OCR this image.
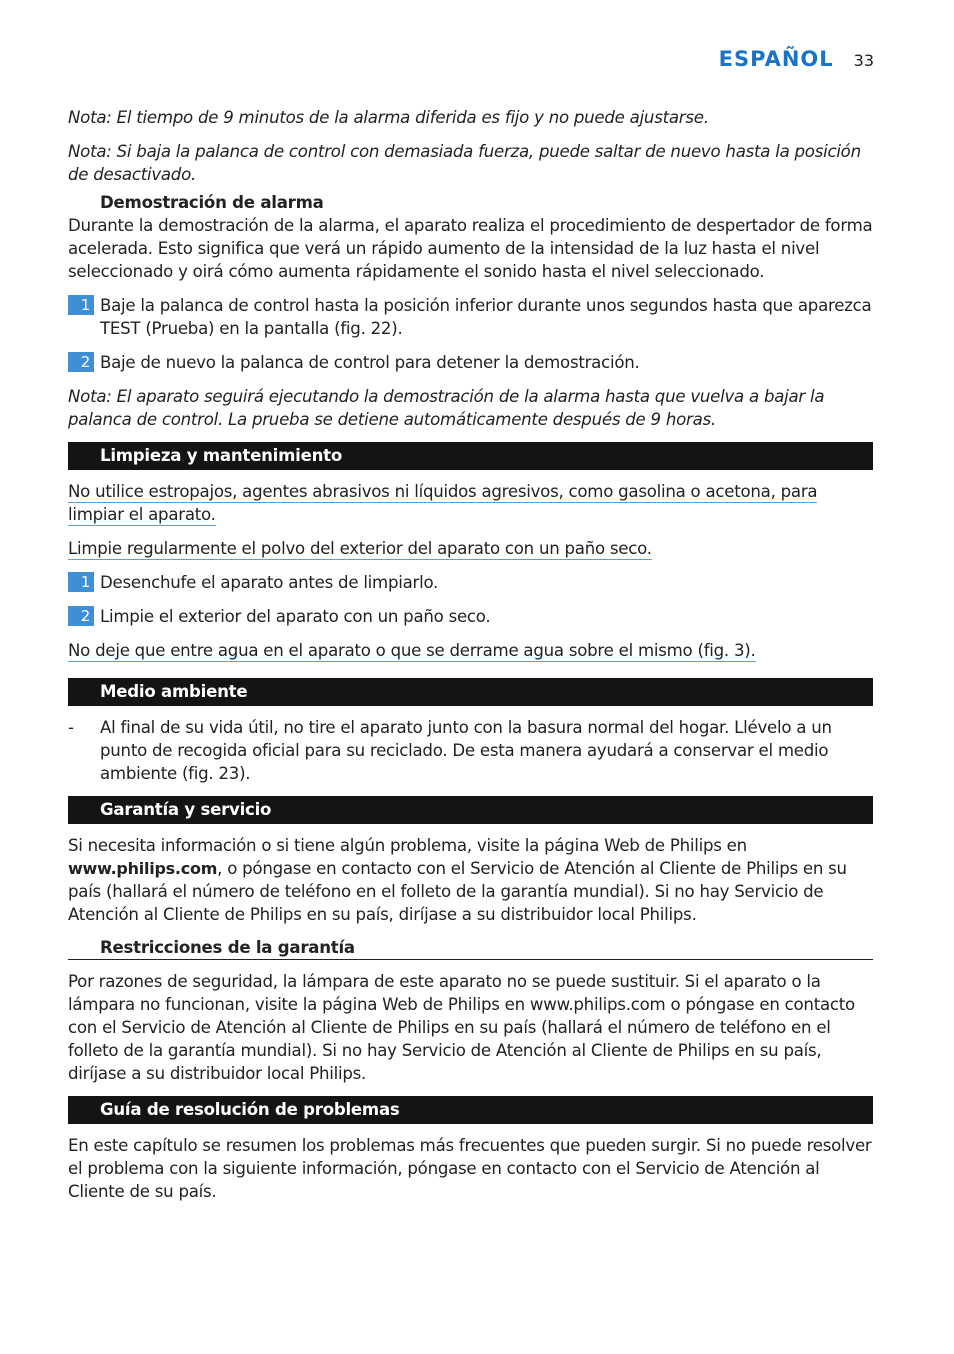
ESPAÑOL 33

Nota: El tiempo de 9 minutos de la alarma diferida es fijo y no puede ajustarse.

Nota: Si baja la palanca de control con demasiada fuerza, puede saltar de nuevo hasta la posición de desactivado.

Demostración de alarma

Durante la demostración de la alarma, el aparato realiza el procedimiento de despertador de forma acelerada. Esto significa que verá un rápido aumento de la intensidad de la luz hasta el nivel seleccionado y oirá cómo aumenta rápidamente el sonido hasta el nivel seleccionado.

1 Baje la palanca de control hasta la posición inferior durante unos segundos hasta que aparezca TEST (Prueba) en la pantalla (fig. 22).
2 Baje de nuevo la palanca de control para detener la demostración.

Nota: El aparato seguirá ejecutando la demostración de la alarma hasta que vuelva a bajar la palanca de control. La prueba se detiene automáticamente después de 9 horas.

Limpieza y mantenimiento

No utilice estropajos, agentes abrasivos ni líquidos agresivos, como gasolina o acetona, para limpiar el aparato.

Limpie regularmente el polvo del exterior del aparato con un paño seco.

1 Desenchufe el aparato antes de limpiarlo.
2 Limpie el exterior del aparato con un paño seco.

No deje que entre agua en el aparato o que se derrame agua sobre el mismo (fig. 3).

Medio ambiente
-	Al final de su vida útil, no tire el aparato junto con la basura normal del hogar. Llévelo a un punto de recogida oficial para su reciclado. De esta manera ayudará a conservar el medio ambiente (fig. 23).
Garantía y servicio

Si necesita información o si tiene algún problema, visite la página Web de Philips en www.philips.com, o póngase en contacto con el Servicio de Atención al Cliente de Philips en su país (hallará el número de teléfono en el folleto de la garantía mundial). Si no hay Servicio de Atención al Cliente de Philips en su país, diríjase a su distribuidor local Philips.

Restricciones de la garantía

Por razones de seguridad, la lámpara de este aparato no se puede sustituir. Si el aparato o la lámpara no funcionan, visite la página Web de Philips en www.philips.com o póngase en contacto con el Servicio de Atención al Cliente de Philips en su país (hallará el número de teléfono en el folleto de la garantía mundial). Si no hay Servicio de Atención al Cliente de Philips en su país, diríjase a su distribuidor local Philips.

Guía de resolución de problemas

En este capítulo se resumen los problemas más frecuentes que pueden surgir. Si no puede resolver el problema con la siguiente información, póngase en contacto con el Servicio de Atención al Cliente de su país.
